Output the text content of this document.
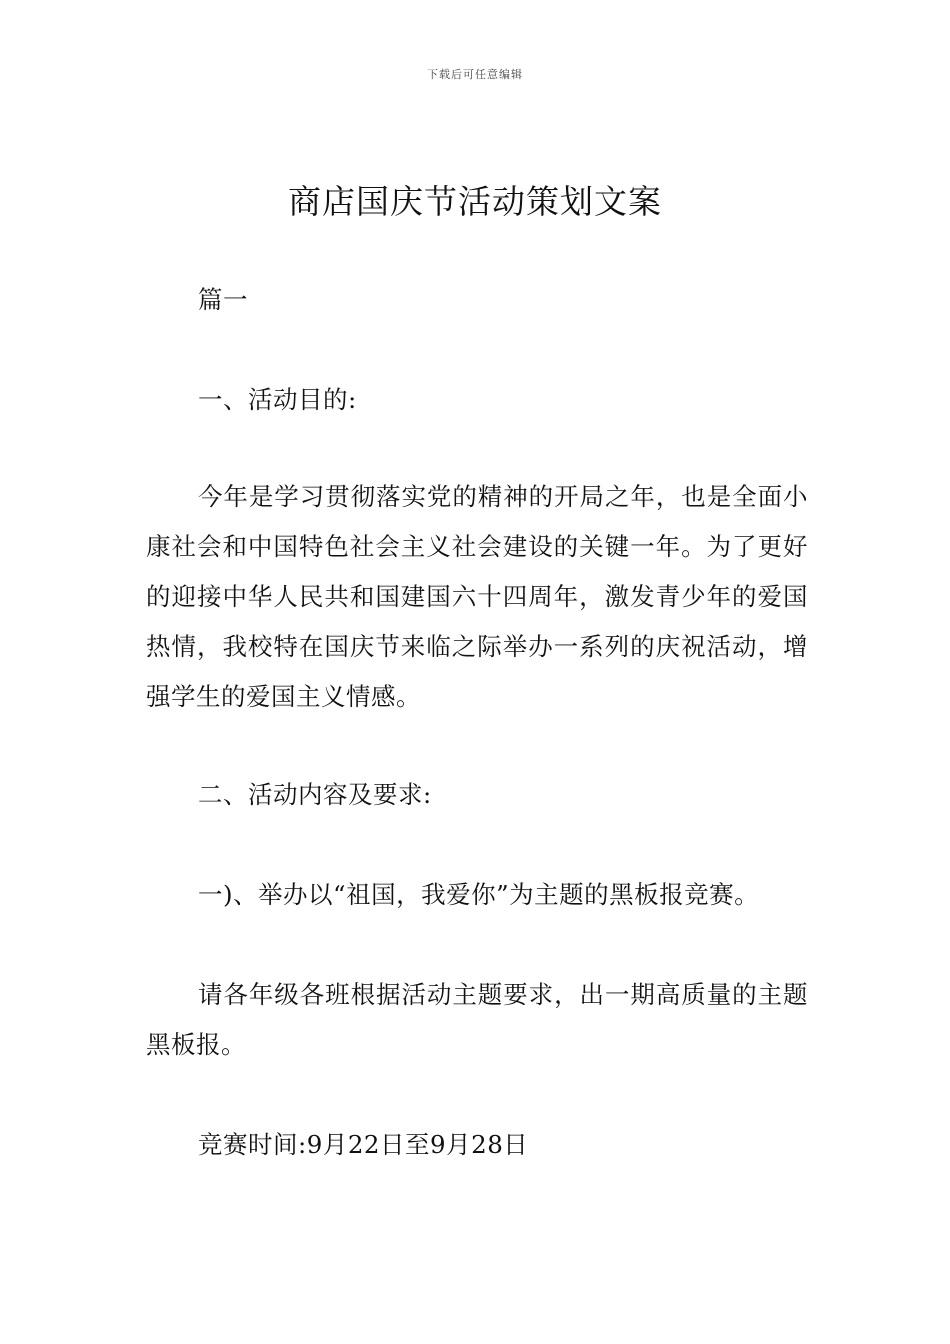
下载后可任意编辑
商店国庆节活动策划文案

篇一

一、活动目的:

今年是学习贯彻落实党的精神的开局之年，也是全面小康社会和中国特色社会主义社会建设的关键一年。为了更好的迎接中华人民共和国建国六十四周年，激发青少年的爱国热情，我校特在国庆节来临之际举办一系列的庆祝活动，增强学生的爱国主义情感。

二、活动内容及要求:

一)、举办以“祖国，我爱你”为主题的黑板报竞赛。

请各年级各班根据活动主题要求，出一期高质量的主题黑板报。

竞赛时间:9月22日至9月28日
